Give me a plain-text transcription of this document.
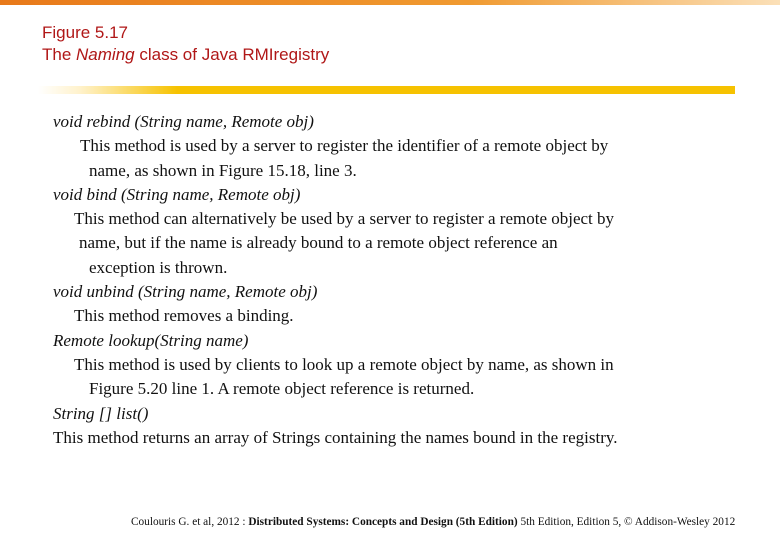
Figure 5.17
The Naming class of Java RMIregistry
void rebind (String name, Remote obj)
This method is used by a server to register the identifier of a remote object by
name, as shown in Figure 15.18, line 3.
void bind (String name, Remote obj)
This method can alternatively be used by a server to register a remote object by
name, but if the name is already bound to a remote object reference an
exception is thrown.
void unbind (String name, Remote obj)
This method removes a binding.
Remote lookup(String name)
This method is used by clients to look up a remote object by name, as shown in
Figure 5.20 line 1. A remote object reference is returned.
String [] list()
This method returns an array of Strings containing the names bound in the registry.
Coulouris G. et al, 2012 : Distributed Systems: Concepts and Design (5th Edition) 5th Edition, Edition 5, © Addison-Wesley 2012
